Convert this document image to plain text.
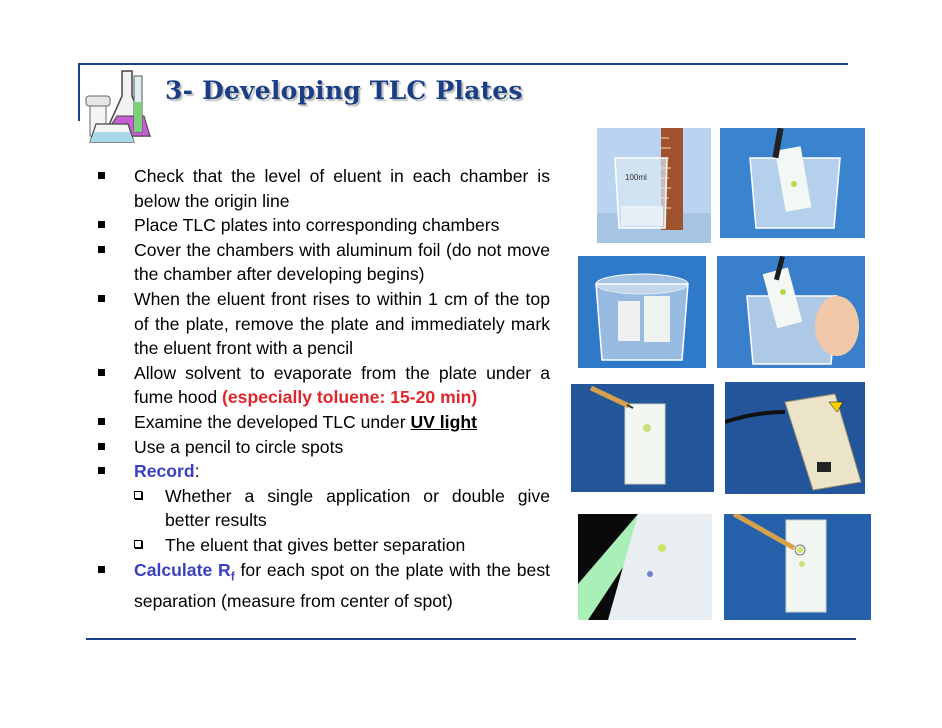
3- Developing TLC Plates
Check that the level of eluent in each chamber is below the origin line
Place TLC plates into corresponding chambers
Cover the chambers with aluminum foil (do not move the chamber after developing begins)
When the eluent front rises to within 1 cm of the top of the plate, remove the plate and immediately mark the eluent front with a pencil
Allow solvent to evaporate from the plate under a fume hood (especially toluene: 15-20 min)
Examine the developed TLC under UV light
Use a pencil to circle spots
Record:
Whether a single application or double give better results
The eluent that gives better separation
Calculate $R_f$ for each spot on the plate with the best separation (measure from center of spot)
100ml
